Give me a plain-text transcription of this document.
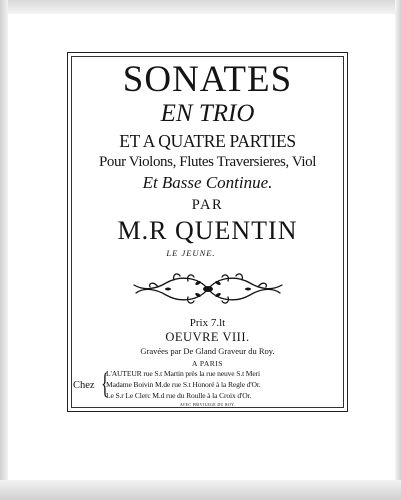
SONATES
EN TRIO
ET A QUATRE PARTIES
Pour Violons, Flutes Traversieres, Viol
Et Basse Continue.
PAR
M.R QUENTIN
LE JEUNE.
Prix 7.lt
OEUVRE VIII.
Gravées par De Gland Graveur du Roy.
A PARIS
Chez {
L'AUTEUR rue S.t Martin près la rue neuve S.t Meri
Madame Boivin M.de rue S.t Honoré à la Regle d'Or.
Le S.r Le Clerc M.d rue du Roulle à la Croix d'Or.
AVEC PRIVILEGE DU ROY.
